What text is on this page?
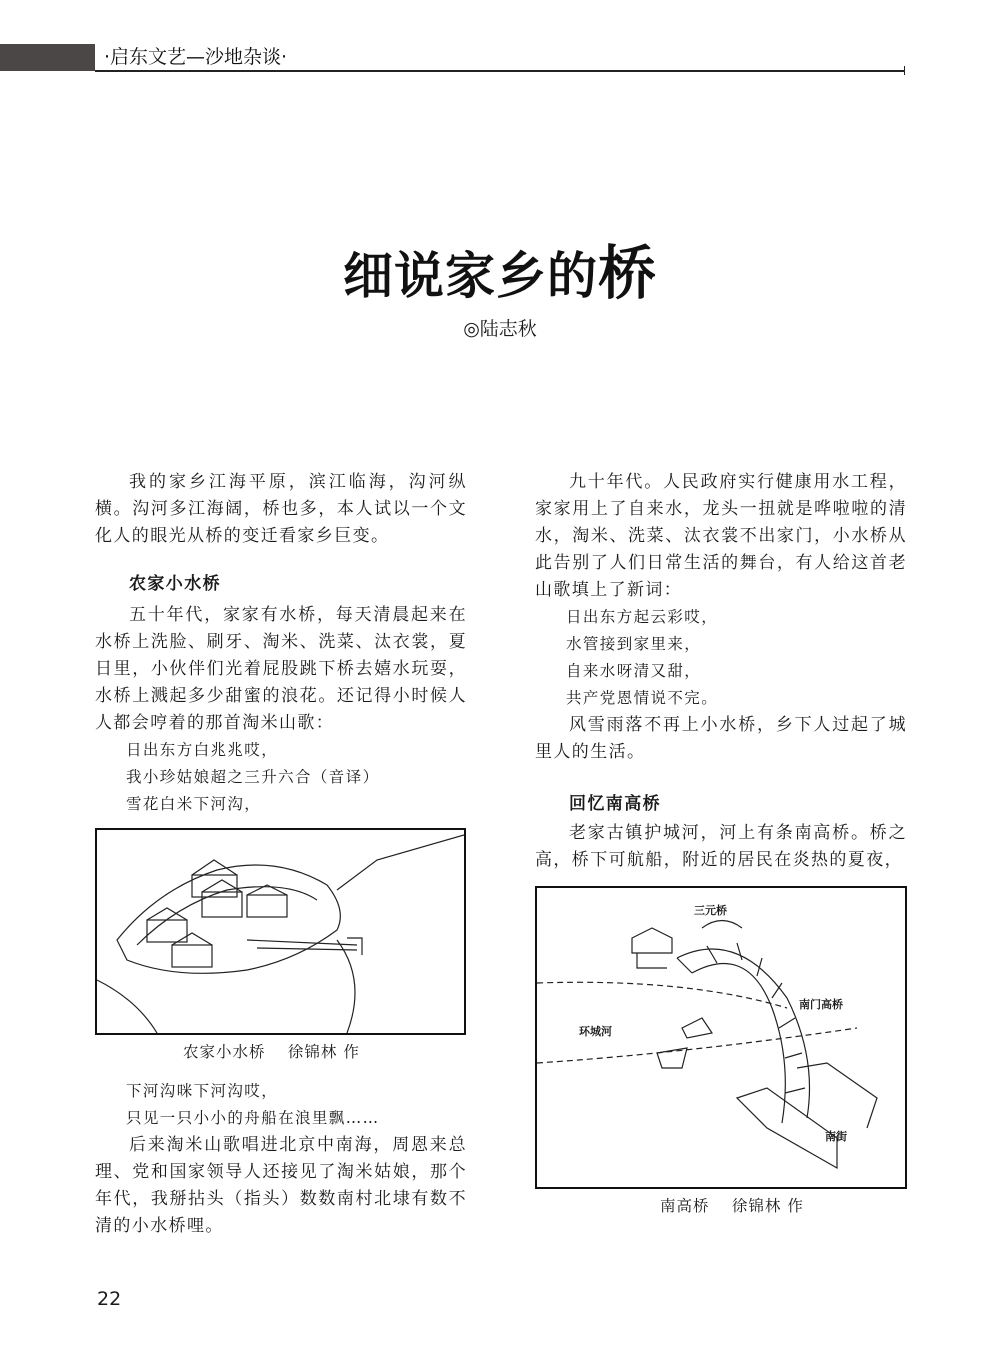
·启东文艺—沙地杂谈·
细说家乡的桥
◎陆志秋

我的家乡江海平原，滨江临海，沟河纵横。沟河多江海阔，桥也多，本人试以一个文化人的眼光从桥的变迁看家乡巨变。

农家小水桥

五十年代，家家有水桥，每天清晨起来在水桥上洗脸、刷牙、淘米、洗菜、汰衣裳，夏日里，小伙伴们光着屁股跳下桥去嬉水玩耍，水桥上溅起多少甜蜜的浪花。还记得小时候人人都会哼着的那首淘米山歌：

日出东方白兆兆哎，
我小珍姑娘超之三升六合（音译）
雪花白米下河沟，
农家小水桥　 徐锦林 作
下河沟咪下河沟哎，
只见一只小小的舟船在浪里飘……

后来淘米山歌唱进北京中南海，周恩来总理、党和国家领导人还接见了淘米姑娘，那个年代，我掰拈头（指头）数数南村北埭有数不清的小水桥哩。

九十年代。人民政府实行健康用水工程，家家用上了自来水，龙头一扭就是哗啦啦的清水，淘米、洗菜、汰衣裳不出家门，小水桥从此告别了人们日常生活的舞台，有人给这首老山歌填上了新词：

日出东方起云彩哎，
水管接到家里来，
自来水呀清又甜，
共产党恩情说不完。

风雪雨落不再上小水桥，乡下人过起了城里人的生活。

回忆南高桥

老家古镇护城河，河上有条南高桥。桥之高，桥下可航船，附近的居民在炎热的夏夜，

三元桥
南门高桥
环城河
南街
南高桥　 徐锦林 作
22
